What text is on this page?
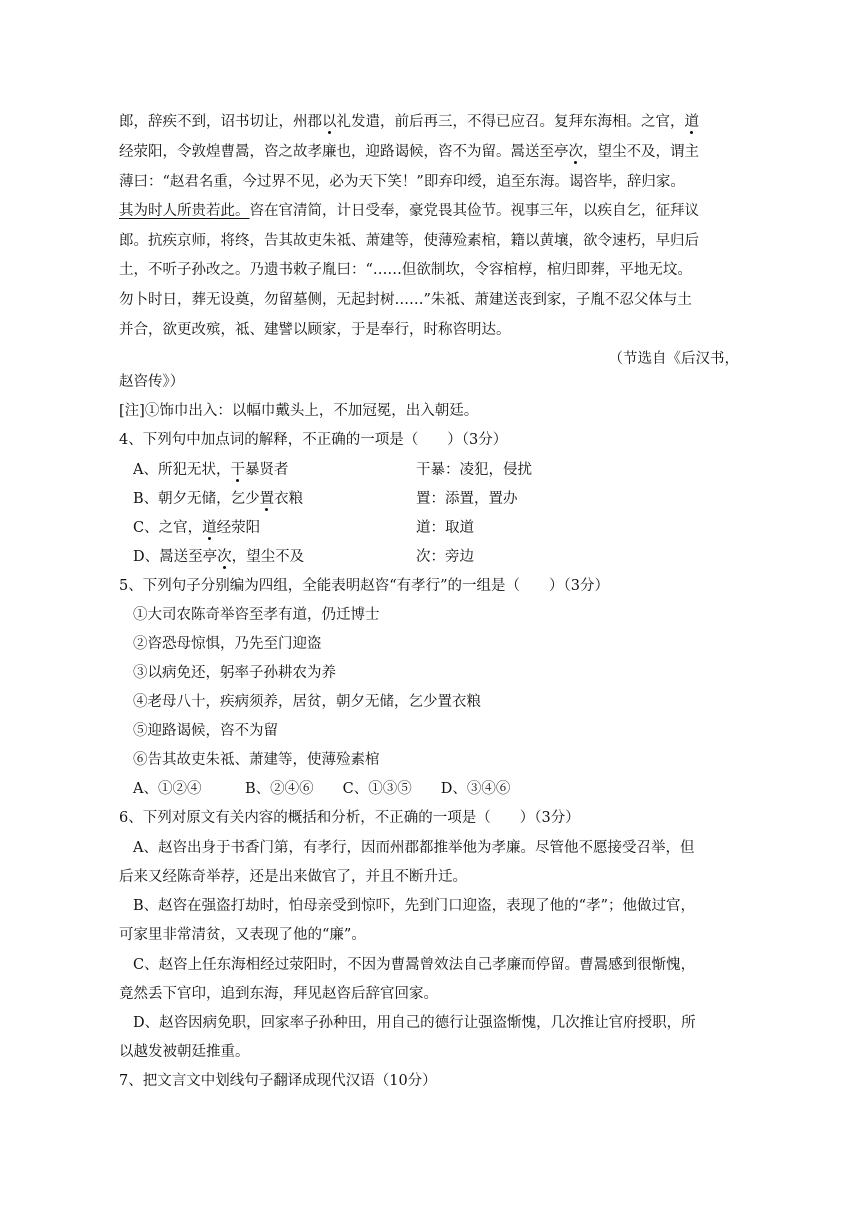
郎，辞疾不到，诏书切让，州郡以礼发遣，前后再三，不得已应召。复拜东海相。之官，道
经荥阳，令敦煌曹暠，咨之故孝廉也，迎路谒候，咨不为留。暠送至亭次，望尘不及，谓主
薄曰：“赵君名重，今过界不见，必为天下笑！”即弃印绶，追至东海。谒咨毕，辞归家。
其为时人所贵若此。咨在官清简，计日受奉，豪党畏其俭节。视事三年，以疾自乞，征拜议
郎。抗疾京师，将终，告其故吏朱祗、萧建等，使薄殓素棺，籍以黄壤，欲令速朽，早归后
土，不听子孙改之。乃遗书敕子胤曰：“……但欲制坎，令容棺椁，棺归即葬，平地无坟。
勿卜时日，葬无设奠，勿留墓侧，无起封树……”朱祗、萧建送丧到家，子胤不忍父体与土
并合，欲更改殡，祗、建譬以顾家，于是奉行，时称咨明达。
（节选自《后汉书，
赵咨传》）
[注]①饰巾出入：以幅巾戴头上，不加冠冕，出入朝廷。
4、下列句中加点词的解释，不正确的一项是（　　）（3分）
A、所犯无状，干暴贤者	干暴：凌犯，侵扰
B、朝夕无储，乞少置衣粮	置：添置，置办
C、之官，道经荥阳	道：取道
D、暠送至亭次，望尘不及	次：旁边
5、下列句子分别编为四组，全能表明赵咨“有孝行”的一组是（　　）（3分）
①大司农陈奇举咨至孝有道，仍迁博士
②咨恐母惊惧，乃先至门迎盗
③以病免还，躬率子孙耕农为养
④老母八十，疾病须养，居贫，朝夕无储，乞少置衣粮
⑤迎路谒候，咨不为留
⑥告其故吏朱祗、萧建等，使薄殓素棺
A、①②④　　　B、②④⑥　　C、①③⑤　　D、③④⑥
6、下列对原文有关内容的概括和分析，不正确的一项是（　　）（3分）
A、赵咨出身于书香门第，有孝行，因而州郡都推举他为孝廉。尽管他不愿接受召举，但
后来又经陈奇举荐，还是出来做官了，并且不断升迁。
B、赵咨在强盗打劫时，怕母亲受到惊吓，先到门口迎盗，表现了他的“孝”；他做过官，
可家里非常清贫，又表现了他的“廉”。
C、赵咨上任东海相经过荥阳时，不因为曹暠曾效法自己孝廉而停留。曹暠感到很惭愧，
竟然丢下官印，追到东海，拜见赵咨后辞官回家。
D、赵咨因病免职，回家率子孙种田，用自己的德行让强盗惭愧，几次推让官府授职，所
以越发被朝廷推重。
7、把文言文中划线句子翻译成现代汉语（10分）
